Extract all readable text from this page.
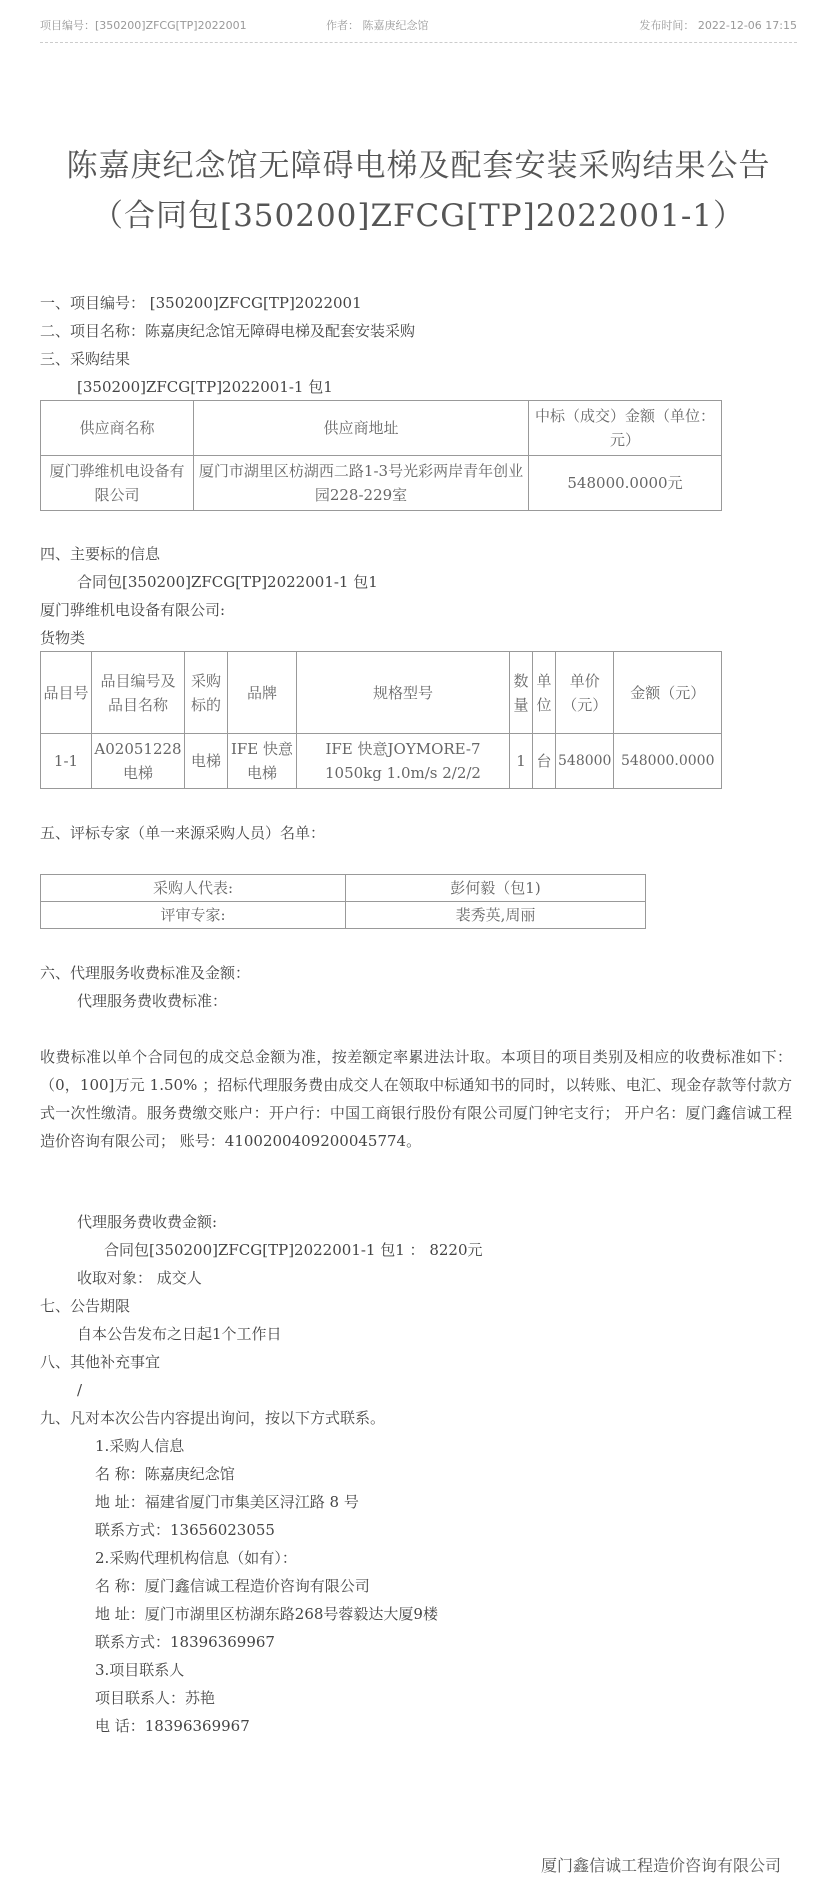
项目编号：[350200]ZFCG[TP]2022001	作者： 陈嘉庚纪念馆	发布时间： 2022-12-06 17:15
陈嘉庚纪念馆无障碍电梯及配套安装采购结果公告
（合同包[350200]ZFCG[TP]2022001-1）
一、项目编号： [350200]ZFCG[TP]2022001
二、项目名称：陈嘉庚纪念馆无障碍电梯及配套安装采购
三、采购结果
[350200]ZFCG[TP]2022001-1 包1
供应商名称	供应商地址	中标（成交）金额（单位：元）
厦门骅维机电设备有限公司	厦门市湖里区枋湖西二路1-3号光彩两岸青年创业园228-229室	548000.0000元
四、主要标的信息
合同包[350200]ZFCG[TP]2022001-1 包1
厦门骅维机电设备有限公司:
货物类
品目号	品目编号及品目名称	采购标的	品牌	规格型号	数量	单位	单价（元）	金额（元）
1-1	A02051228电梯	电梯	IFE 快意电梯	IFE 快意JOYMORE-7 1050kg 1.0m/s 2/2/2	1	台	548000	548000.0000
五、评标专家（单一来源采购人员）名单：
采购人代表:	彭何毅（包1)
评审专家:	裴秀英,周丽
六、代理服务收费标准及金额：
代理服务费收费标准：
收费标准以单个合同包的成交总金额为准，按差额定率累进法计取。本项目的项目类别及相应的收费标准如下： （0，100]万元 1.50% ；招标代理服务费由成交人在领取中标通知书的同时，以转账、电汇、现金存款等付款方式一次性缴清。服务费缴交账户：开户行：中国工商银行股份有限公司厦门钟宅支行； 开户名：厦门鑫信诚工程造价咨询有限公司； 账号：4100200409200045774。
代理服务费收费金额:
合同包[350200]ZFCG[TP]2022001-1 包1 ： 8220元
收取对象： 成交人
七、公告期限
自本公告发布之日起1个工作日
八、其他补充事宜
/
九、凡对本次公告内容提出询问，按以下方式联系。
1.采购人信息
名 称：陈嘉庚纪念馆
地 址：福建省厦门市集美区浔江路 8 号
联系方式：13656023055
2.采购代理机构信息（如有）：
名 称：厦门鑫信诚工程造价咨询有限公司
地 址：厦门市湖里区枋湖东路268号蓉毅达大厦9楼
联系方式：18396369967
3.项目联系人
项目联系人：苏艳
电 话：18396369967
厦门鑫信诚工程造价咨询有限公司
